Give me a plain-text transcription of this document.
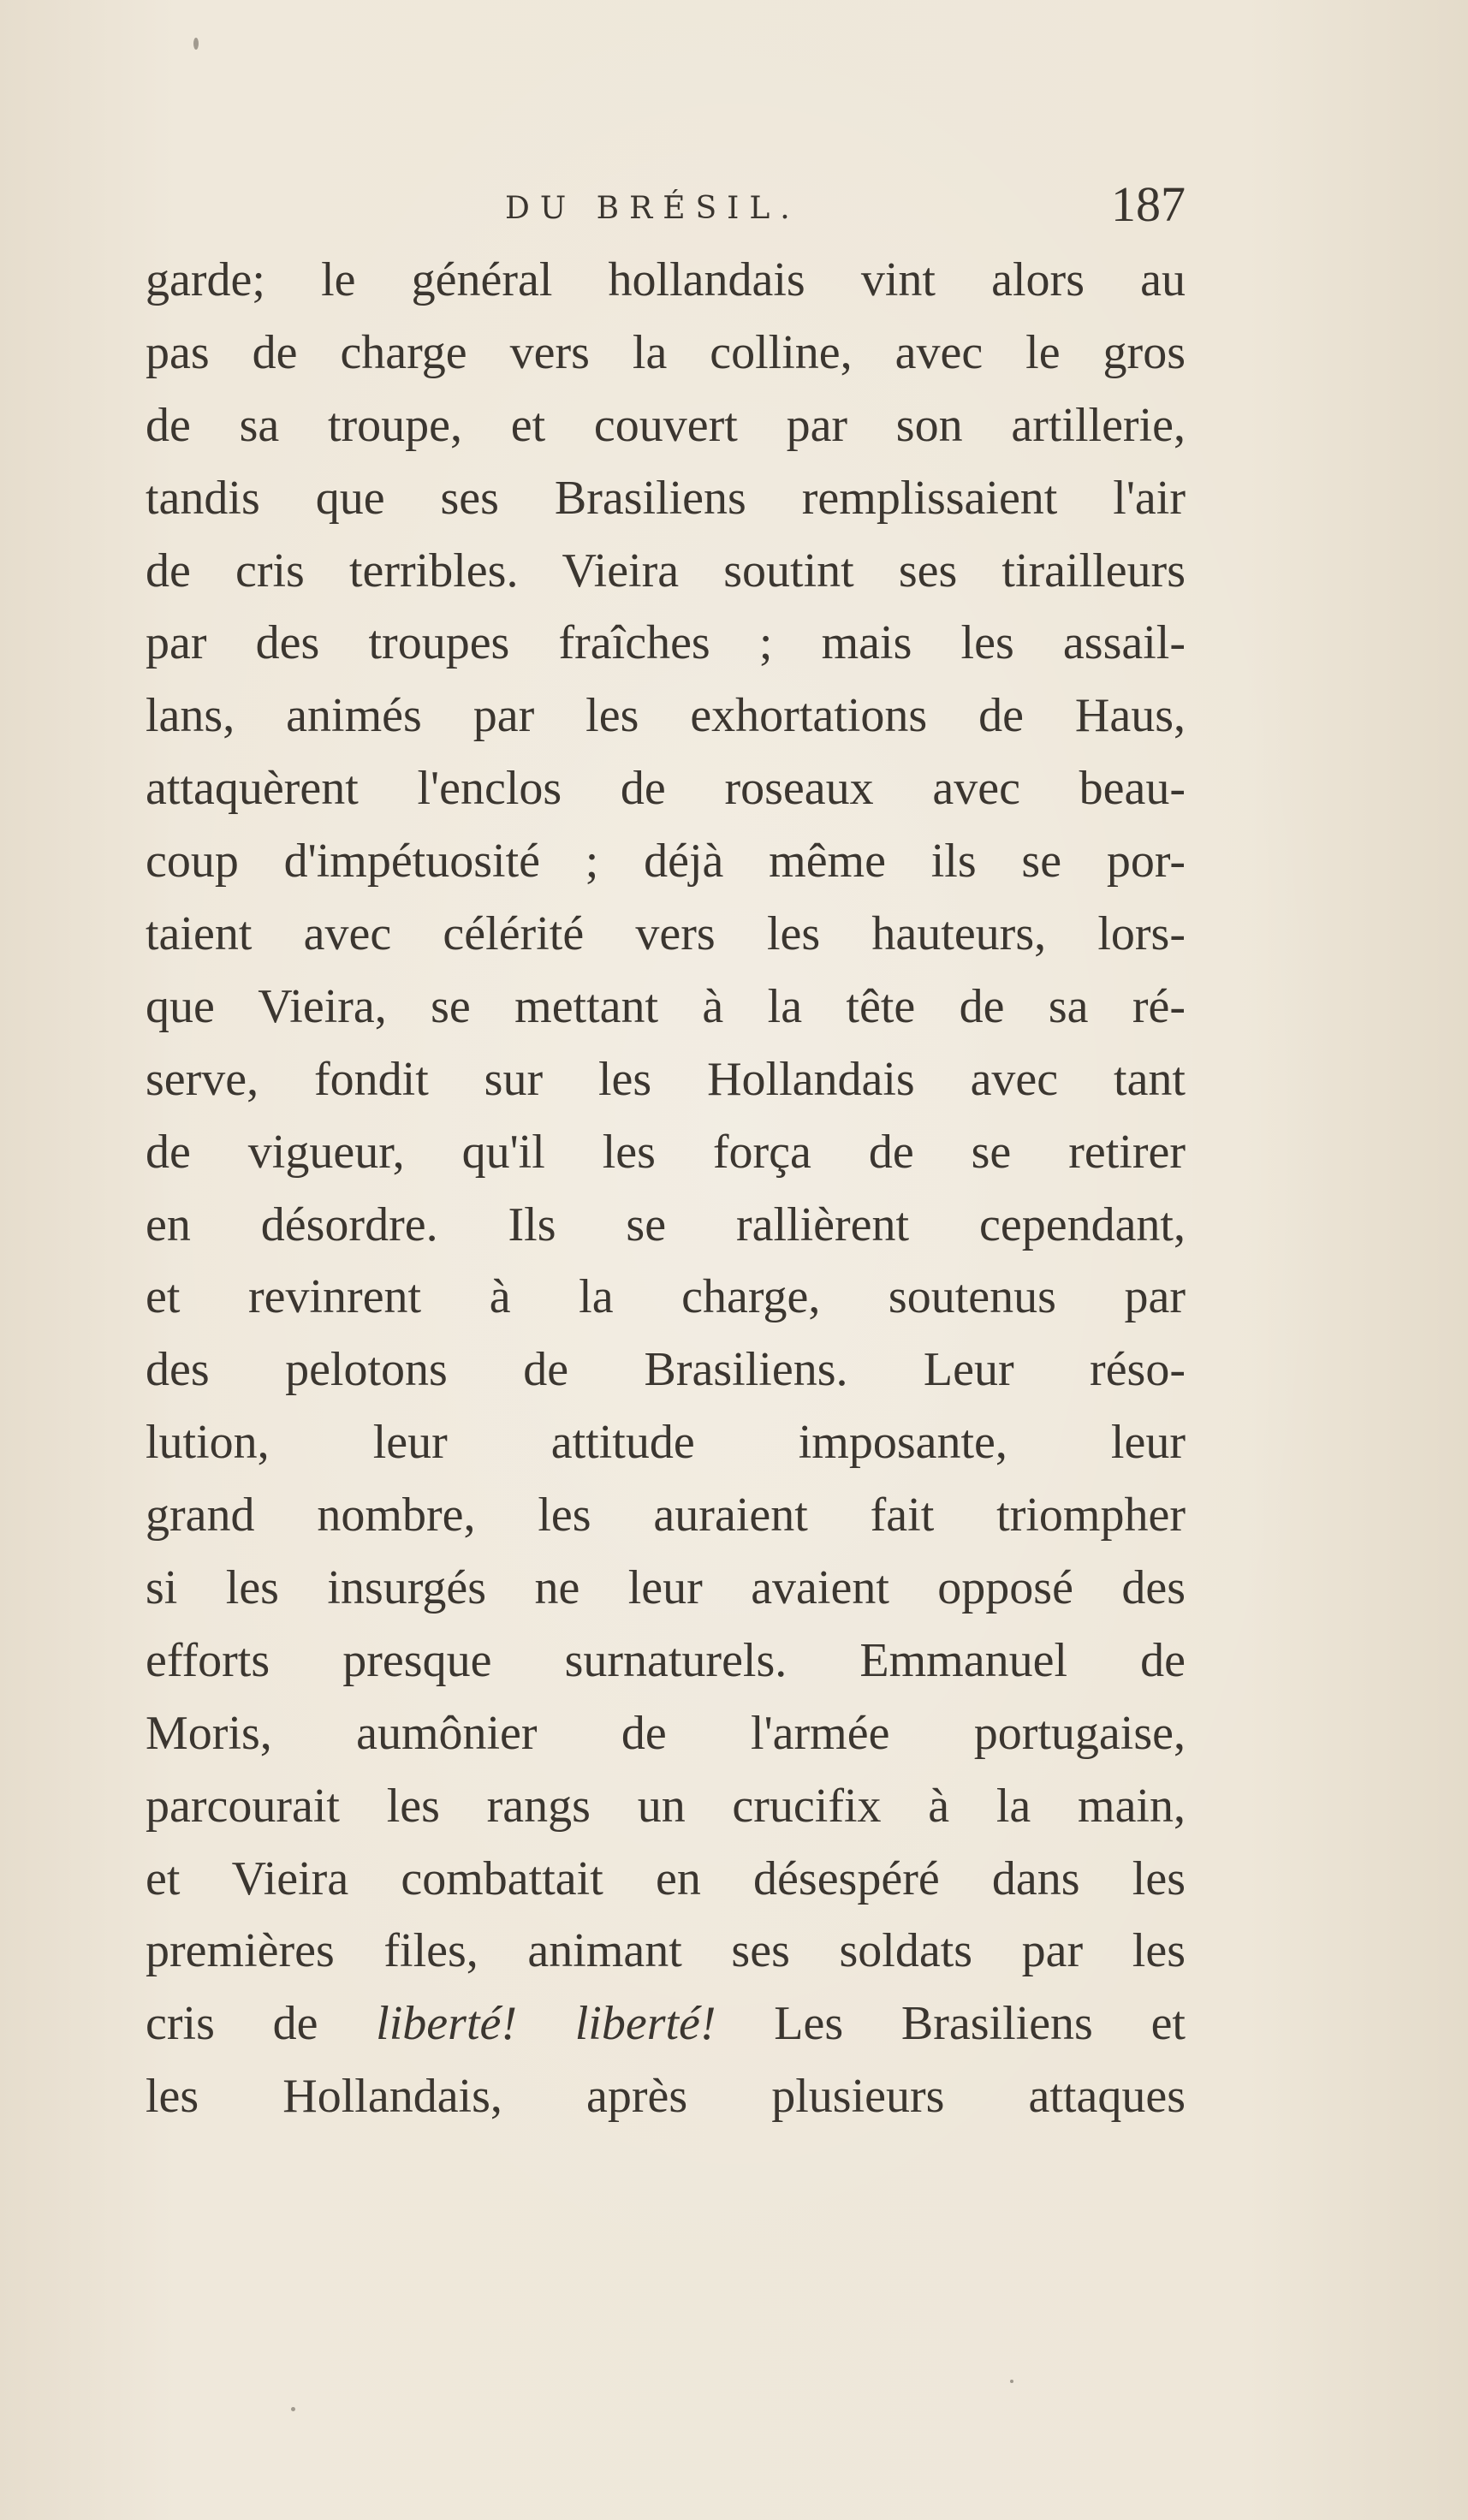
DU BRÉSIL.	187
garde; le général hollandais vint alors au
pas de charge vers la colline, avec le gros
de sa troupe, et couvert par son artillerie,
tandis que ses Brasiliens remplissaient l'air
de cris terribles. Vieira soutint ses tirailleurs
par des troupes fraîches ; mais les assail-
lans, animés par les exhortations de Haus,
attaquèrent l'enclos de roseaux avec beau-
coup d'impétuosité ; déjà même ils se por-
taient avec célérité vers les hauteurs, lors-
que Vieira, se mettant à la tête de sa ré-
serve, fondit sur les Hollandais avec tant
de vigueur, qu'il les força de se retirer
en désordre. Ils se rallièrent cependant,
et revinrent à la charge, soutenus par
des pelotons de Brasiliens. Leur réso-
lution, leur attitude imposante, leur
grand nombre, les auraient fait triompher
si les insurgés ne leur avaient opposé des
efforts presque surnaturels. Emmanuel de
Moris, aumônier de l'armée portugaise,
parcourait les rangs un crucifix à la main,
et Vieira combattait en désespéré dans les
premières files, animant ses soldats par les
cris de liberté! liberté! Les Brasiliens et
les Hollandais, après plusieurs attaques
